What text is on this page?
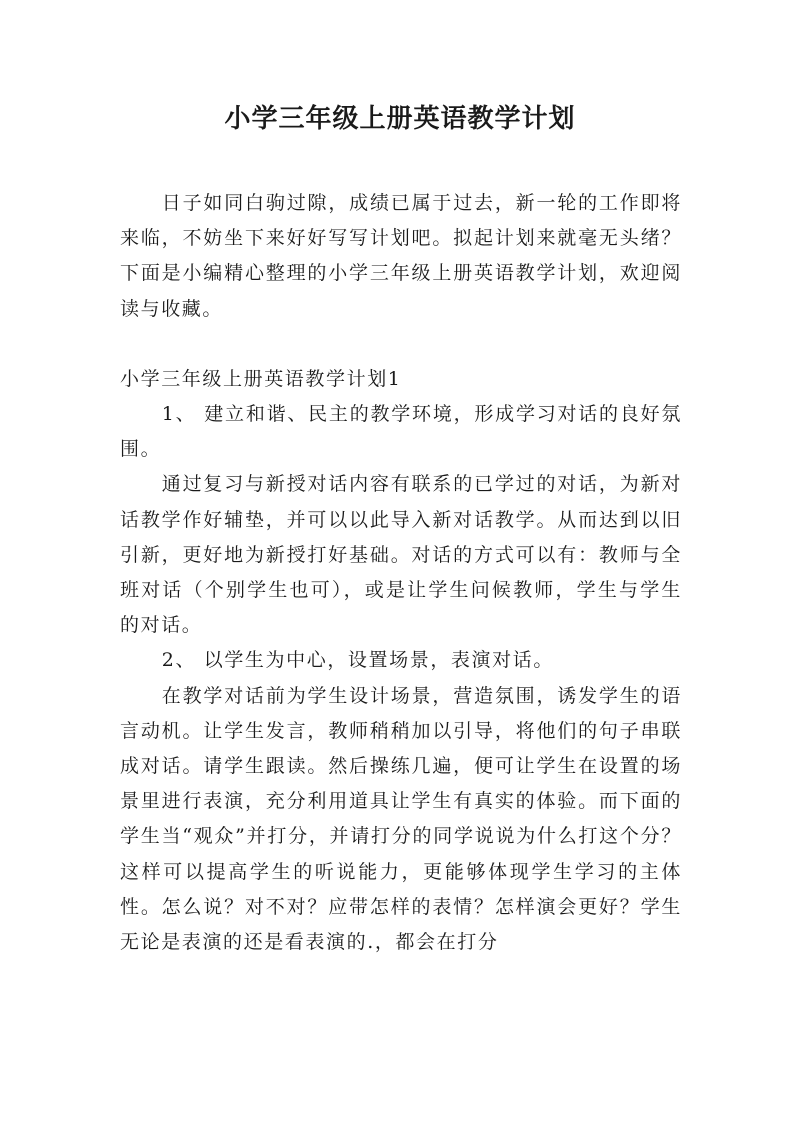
小学三年级上册英语教学计划

日子如同白驹过隙，成绩已属于过去，新一轮的工作即将来临，不妨坐下来好好写写计划吧。拟起计划来就毫无头绪？下面是小编精心整理的小学三年级上册英语教学计划，欢迎阅读与收藏。

小学三年级上册英语教学计划1

1、 建立和谐、民主的教学环境，形成学习对话的良好氛围。

通过复习与新授对话内容有联系的已学过的对话，为新对话教学作好辅垫，并可以以此导入新对话教学。从而达到以旧引新，更好地为新授打好基础。对话的方式可以有：教师与全班对话（个别学生也可），或是让学生问候教师，学生与学生的对话。

2、 以学生为中心，设置场景，表演对话。

在教学对话前为学生设计场景，营造氛围，诱发学生的语言动机。让学生发言，教师稍稍加以引导，将他们的句子串联成对话。请学生跟读。然后操练几遍，便可让学生在设置的场景里进行表演，充分利用道具让学生有真实的体验。而下面的学生当“观众”并打分，并请打分的同学说说为什么打这个分？这样可以提高学生的听说能力，更能够体现学生学习的主体性。怎么说？对不对？应带怎样的表情？怎样演会更好？学生无论是表演的还是看表演的.，都会在打分
